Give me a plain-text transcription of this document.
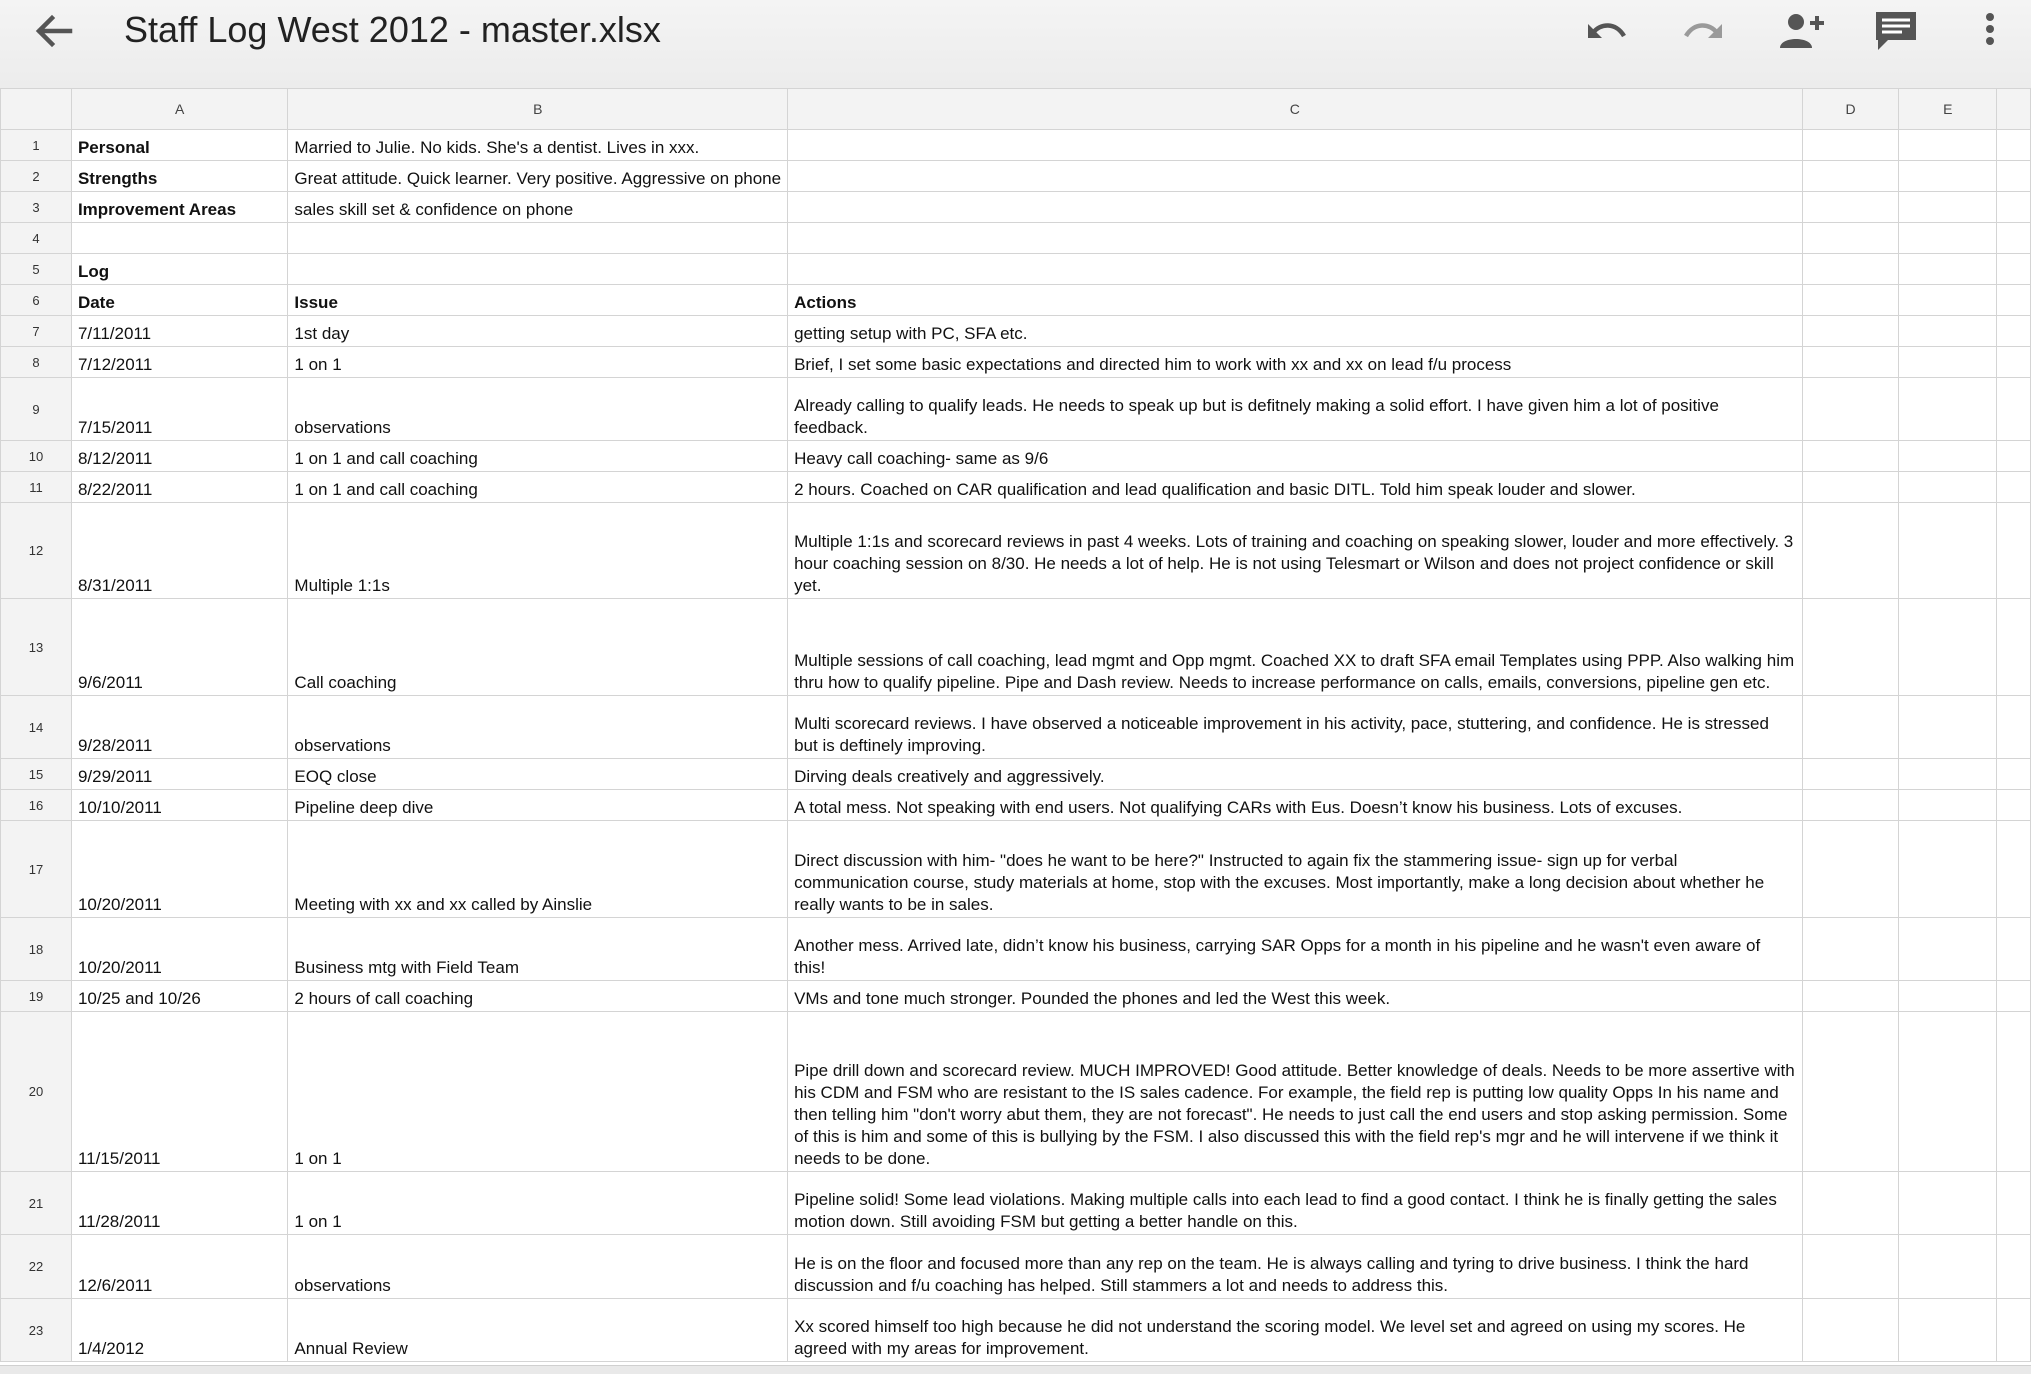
Staff Log West 2012 - master.xlsx
	A	B	C	D	E	
1	Personal	Married to Julie. No kids. She's a dentist. Lives in xxx.				
2	Strengths	Great attitude. Quick learner. Very positive. Aggressive on phone				
3	Improvement Areas	sales skill set & confidence on phone				
4						
5	Log					
6	Date	Issue	Actions			
7	7/11/2011	1st day	getting setup with PC, SFA etc.			
8	7/12/2011	1 on 1	Brief, I set some basic expectations and directed him to work with xx and xx on lead f/u process			
9	7/15/2011	observations	Already calling to qualify leads. He needs to speak up but is defitnely making a solid effort. I have given him a lot of positive feedback.			
10	8/12/2011	1 on 1 and call coaching	Heavy call coaching- same as 9/6			
11	8/22/2011	1 on 1 and call coaching	2 hours. Coached on CAR qualification and lead qualification and basic DITL. Told him speak louder and slower.			
12	8/31/2011	Multiple 1:1s	Multiple 1:1s and scorecard reviews in past 4 weeks. Lots of training and coaching on speaking slower, louder and more effectively. 3 hour coaching session on 8/30. He needs a lot of help. He is not using Telesmart or Wilson and does not project confidence or skill yet.			
13	9/6/2011	Call coaching	Multiple sessions of call coaching, lead mgmt and Opp mgmt. Coached XX to draft SFA email Templates using PPP. Also walking him thru how to qualify pipeline. Pipe and Dash review. Needs to increase performance on calls, emails, conversions, pipeline gen etc.			
14	9/28/2011	observations	Multi scorecard reviews. I have observed a noticeable improvement in his activity, pace, stuttering, and confidence. He is stressed but is deftinely improving.			
15	9/29/2011	EOQ close	Dirving deals creatively and aggressively.			
16	10/10/2011	Pipeline deep dive	A total mess. Not speaking with end users. Not qualifying CARs with Eus. Doesn’t know his business. Lots of excuses.			
17	10/20/2011	Meeting with xx and xx called by Ainslie	Direct discussion with him- "does he want to be here?" Instructed to again fix the stammering issue- sign up for verbal communication course, study materials at home, stop with the excuses. Most importantly, make a long decision about whether he really wants to be in sales.			
18	10/20/2011	Business mtg with Field Team	Another mess. Arrived late, didn’t know his business, carrying SAR Opps for a month in his pipeline and he wasn't even aware of this!			
19	10/25 and 10/26	2 hours of call coaching	VMs and tone much stronger. Pounded the phones and led the West this week.			
20	11/15/2011	1 on 1	Pipe drill down and scorecard review. MUCH IMPROVED! Good attitude. Better knowledge of deals. Needs to be more assertive with his CDM and FSM who are resistant to the IS sales cadence. For example, the field rep is putting low quality Opps In his name and then telling him "don't worry abut them, they are not forecast". He needs to just call the end users and stop asking permission. Some of this is him and some of this is bullying by the FSM. I also discussed this with the field rep's mgr and he will intervene if we think it needs to be done.			
21	11/28/2011	1 on 1	Pipeline solid! Some lead violations. Making multiple calls into each lead to find a good contact. I think he is finally getting the sales motion down. Still avoiding FSM but getting a better handle on this.			
22	12/6/2011	observations	He is on the floor and focused more than any rep on the team. He is always calling and tyring to drive business. I think the hard discussion and f/u coaching has helped. Still stammers a lot and needs to address this.			
23	1/4/2012	Annual Review	Xx scored himself too high because he did not understand the scoring model. We level set and agreed on using my scores. He agreed with my areas for improvement.			
